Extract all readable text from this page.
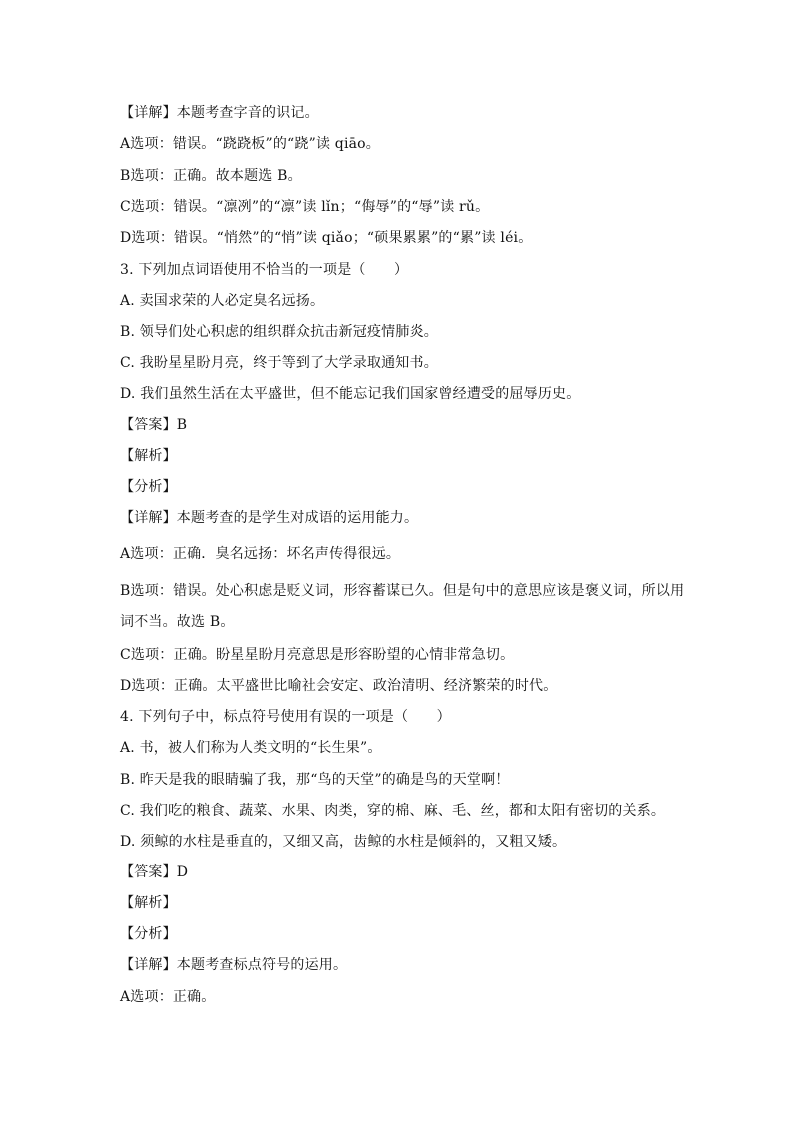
【详解】本题考查字音的识记。
A选项：错误。“跷跷板”的“跷”读 qiāo。
B选项：正确。故本题选 B。
C选项：错误。“凛冽”的“凛”读 lǐn；“侮辱”的“辱”读 rǔ。
D选项：错误。“悄然”的“悄”读 qiǎo；“硕果累累”的“累”读 léi。
3. 下列加点词语使用不恰当的一项是（　　）
A. 卖国求荣的人必定臭名远扬。
B. 领导们处心积虑的组织群众抗击新冠疫情肺炎。
C. 我盼星星盼月亮，终于等到了大学录取通知书。
D. 我们虽然生活在太平盛世，但不能忘记我们国家曾经遭受的屈辱历史。
【答案】B
【解析】
【分析】
【详解】本题考查的是学生对成语的运用能力。
A选项：正确．臭名远扬：坏名声传得很远。
B选项：错误。处心积虑是贬义词，形容蓄谋已久。但是句中的意思应该是褒义词，所以用词不当。故选 B。
C选项：正确。盼星星盼月亮意思是形容盼望的心情非常急切。
D选项：正确。太平盛世比喻社会安定、政治清明、经济繁荣的时代。
4. 下列句子中，标点符号使用有误的一项是（　　）
A. 书，被人们称为人类文明的“长生果”。
B. 昨天是我的眼睛骗了我，那“鸟的天堂”的确是鸟的天堂啊！
C. 我们吃的粮食、蔬菜、水果、肉类，穿的棉、麻、毛、丝，都和太阳有密切的关系。
D. 须鲸的水柱是垂直的，又细又高，齿鲸的水柱是倾斜的，又粗又矮。
【答案】D
【解析】
【分析】
【详解】本题考查标点符号的运用。
A选项：正确。
